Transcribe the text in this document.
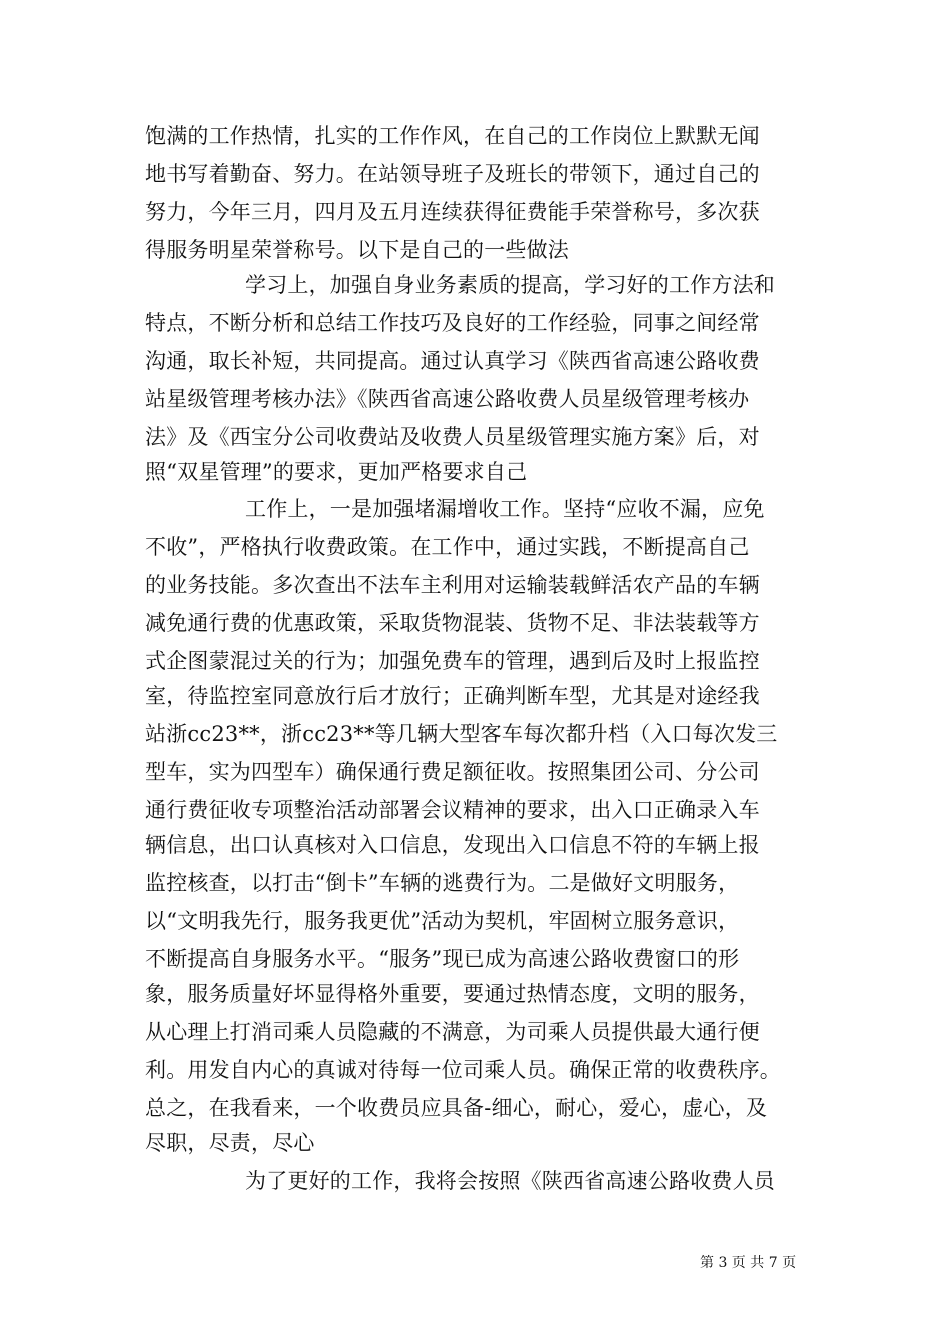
饱满的工作热情，扎实的工作作风，在自己的工作岗位上默默无闻
地书写着勤奋、努力。在站领导班子及班长的带领下，通过自己的
努力，今年三月，四月及五月连续获得征费能手荣誉称号，多次获
得服务明星荣誉称号。以下是自己的一些做法
学习上，加强自身业务素质的提高，学习好的工作方法和
特点，不断分析和总结工作技巧及良好的工作经验，同事之间经常
沟通，取长补短，共同提高。通过认真学习《陕西省高速公路收费
站星级管理考核办法》《陕西省高速公路收费人员星级管理考核办
法》及《西宝分公司收费站及收费人员星级管理实施方案》后，对
照“双星管理”的要求，更加严格要求自己
工作上，一是加强堵漏增收工作。坚持“应收不漏，应免
不收”，严格执行收费政策。在工作中，通过实践，不断提高自己
的业务技能。多次查出不法车主利用对运输装载鲜活农产品的车辆
减免通行费的优惠政策，采取货物混装、货物不足、非法装载等方
式企图蒙混过关的行为；加强免费车的管理，遇到后及时上报监控
室，待监控室同意放行后才放行；正确判断车型，尤其是对途经我
站浙cc23**，浙cc23**等几辆大型客车每次都升档（入口每次发三
型车，实为四型车）确保通行费足额征收。按照集团公司、分公司
通行费征收专项整治活动部署会议精神的要求，出入口正确录入车
辆信息，出口认真核对入口信息，发现出入口信息不符的车辆上报
监控核查，以打击“倒卡”车辆的逃费行为。二是做好文明服务，
以“文明我先行，服务我更优”活动为契机，牢固树立服务意识，
不断提高自身服务水平。“服务”现已成为高速公路收费窗口的形
象，服务质量好坏显得格外重要，要通过热情态度，文明的服务，
从心理上打消司乘人员隐藏的不满意，为司乘人员提供最大通行便
利。用发自内心的真诚对待每一位司乘人员。确保正常的收费秩序。
总之，在我看来，一个收费员应具备-细心，耐心，爱心，虚心，及
尽职，尽责，尽心
为了更好的工作，我将会按照《陕西省高速公路收费人员
第 3 页 共 7 页
